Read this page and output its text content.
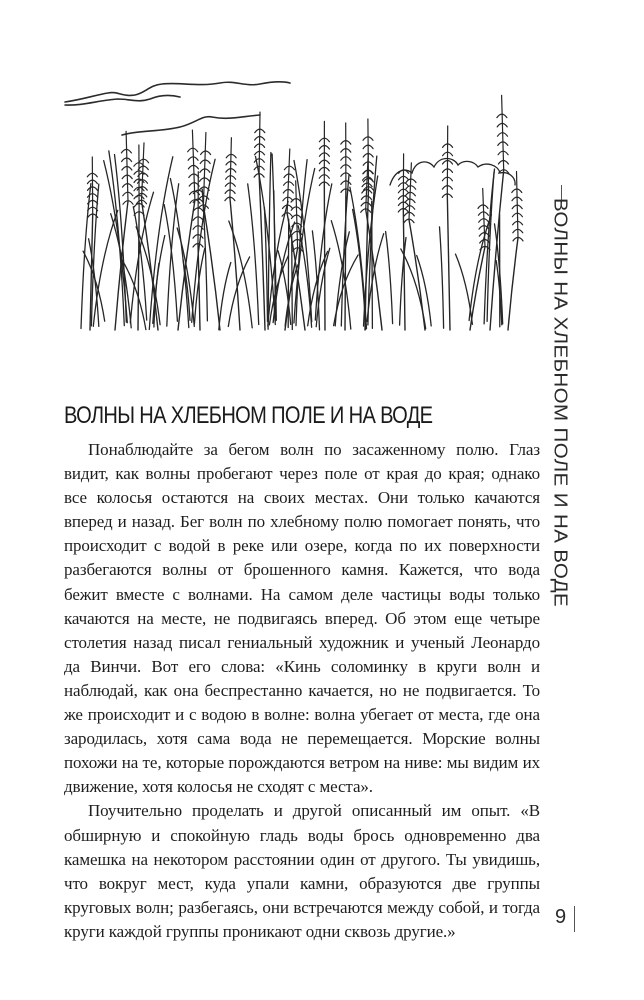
ВОЛНЫ НА ХЛЕБНОМ ПОЛЕ И НА ВОДЕ

Понаблюдайте за бегом волн по засаженному полю. Глаз видит, как волны пробегают через поле от края до края; однако все колосья остаются на своих местах. Они только качаются вперед и назад. Бег волн по хлебному полю помогает понять, что происходит с водой в реке или озере, когда по их поверхности разбегаются волны от брошенного камня. Кажется, что вода бежит вместе с волнами. На самом деле частицы воды только качаются на месте, не подвигаясь вперед. Об этом еще четыре столетия назад писал гениальный художник и ученый Леонардо да Винчи. Вот его слова: «Кинь соломинку в круги волн и наблюдай, как она беспрестанно качается, но не подвигается. То же происходит и с водою в волне: волна убегает от места, где она зародилась, хотя сама вода не перемещается. Морские волны похожи на те, которые порождаются ветром на ниве: мы видим их движение, хотя колосья не сходят с места».

Поучительно проделать и другой описанный им опыт. «В обширную и спокойную гладь воды брось одновременно два камешка на некотором расстоянии один от другого. Ты увидишь, что вокруг мест, куда упали камни, образуются две группы круговых волн; разбегаясь, они встречаются между собой, и тогда круги каждой группы проникают одни сквозь другие.»

ВОЛНЫ НА ХЛЕБНОМ ПОЛЕ И НА ВОДЕ
9
